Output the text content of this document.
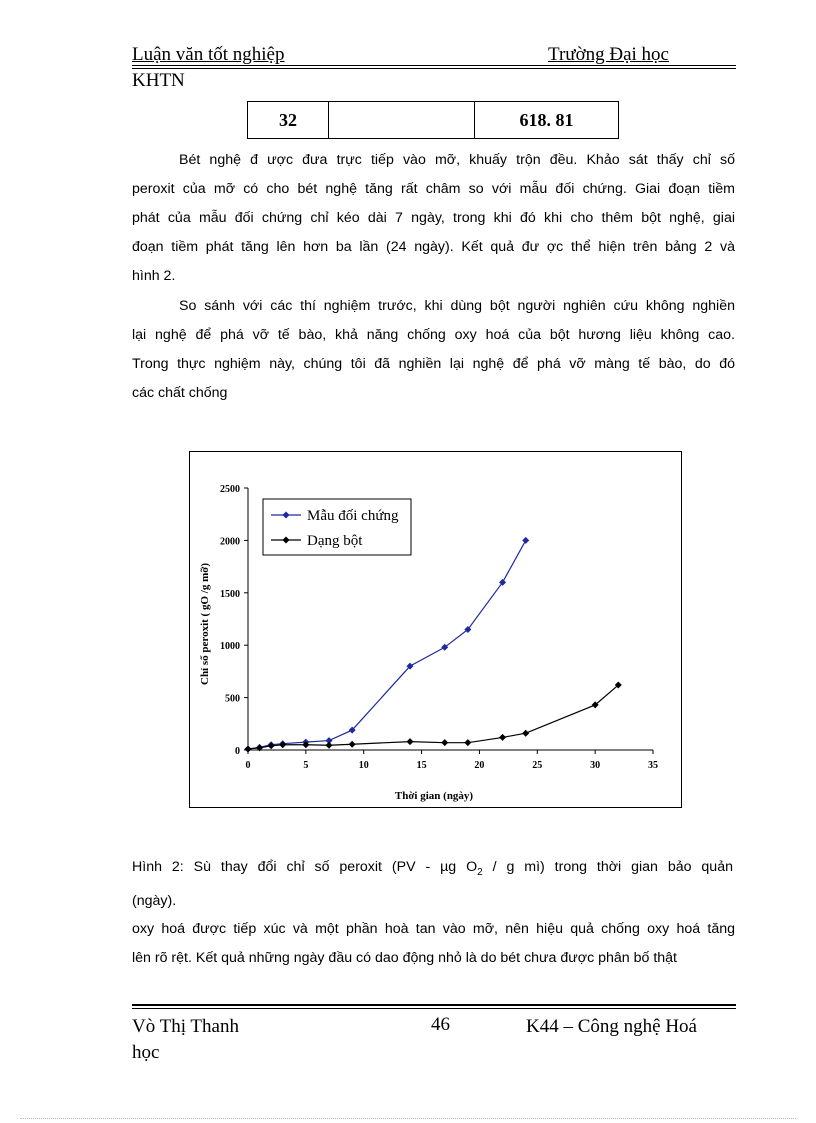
Luận văn tốt nghiệp	Trường Đại học
KHTN
32		618. 81
Bét nghệ đ ược đưa trực tiếp vào mỡ, khuấy trộn đều. Khảo sát thấy chỉ số
peroxit của mỡ có cho bét nghệ tăng rất châm so với mẫu đối chứng. Giai đoạn tiềm
phát của mẫu đối chứng chỉ kéo dài 7 ngày, trong khi đó khi cho thêm bột nghệ, giai
đoạn tiềm phát tăng lên hơn ba lần (24 ngày). Kết quả đư ợc thể hiện trên bảng 2 và
hình 2.
So sánh với các thí nghiệm trước, khi dùng bột người nghiên cứu không nghiền
lại nghệ để phá vỡ tế bào, khả năng chống oxy hoá của bột hương liệu không cao.
Trong thực nghiệm này, chúng tôi đã nghiền lại nghệ để phá vỡ màng tế bào, do đó
các chất chống
0
500
1000
1500
2000
2500
0	5	10	15	20	25	30	35
Mẫu đối chứng
Dạng bột
Thời gian (ngày)
Chỉ số peroxit ( gO /g mỡ)
Hình 2: Sù thay đổi chỉ số peroxit (PV - µg $O_2$ / g mì) trong thời gian bảo quản
(ngày).
oxy hoá được tiếp xúc và một phần hoà tan vào mỡ, nên hiệu quả chống oxy hoá tăng
lên rõ rệt. Kết quả những ngày đầu có dao động nhỏ là do bét chưa được phân bố thật
Vò Thị Thanh
học
46	K44 – Công nghệ Hoá
